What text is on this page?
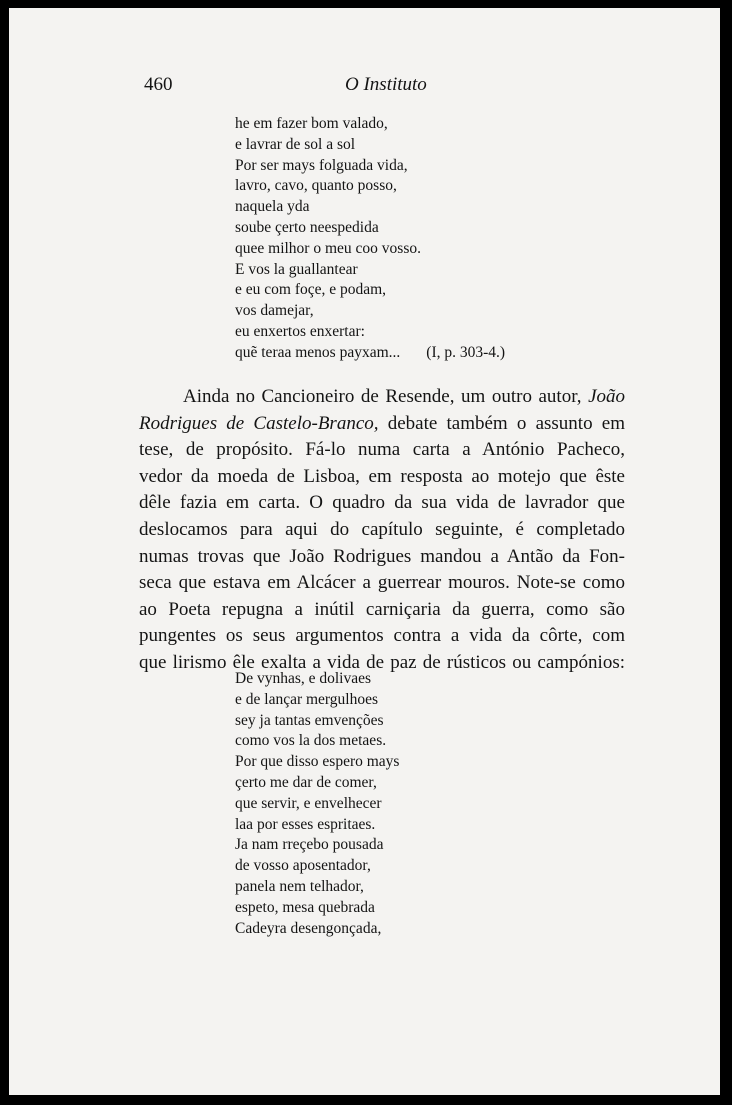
460	O Instituto
he em fazer bom valado,
e lavrar de sol a sol
Por ser mays folguada vida,
lavro, cavo, quanto posso,
naquela yda
soube çerto neespedida
quee milhor o meu coo vosso.
E vos la guallantear
e eu com foçe, e podam,
vos damejar,
eu enxertos enxertar:
quẽ teraa menos payxam... (I, p. 303-4.)
Ainda no Cancioneiro de Resende, um outro autor, João
Rodrigues de Castelo-Branco, debate também o assunto em
tese, de propósito. Fá-lo numa carta a António Pacheco,
vedor da moeda de Lisboa, em resposta ao motejo que êste
dêle fazia em carta. O quadro da sua vida de lavrador que
deslocamos para aqui do capítulo seguinte, é completado
numas trovas que João Rodrigues mandou a Antão da Fon-
seca que estava em Alcácer a guerrear mouros. Note-se como
ao Poeta repugna a inútil carniçaria da guerra, como são
pungentes os seus argumentos contra a vida da côrte, com
que lirismo êle exalta a vida de paz de rústicos ou campónios:
De vynhas, e dolivaes
e de lançar mergulhoes
sey ja tantas emvenções
como vos la dos metaes.
Por que disso espero mays
çerto me dar de comer,
que servir, e envelhecer
laa por esses espritaes.
Ja nam rreçebo pousada
de vosso aposentador,
panela nem telhador,
espeto, mesa quebrada
Cadeyra desengonçada,
